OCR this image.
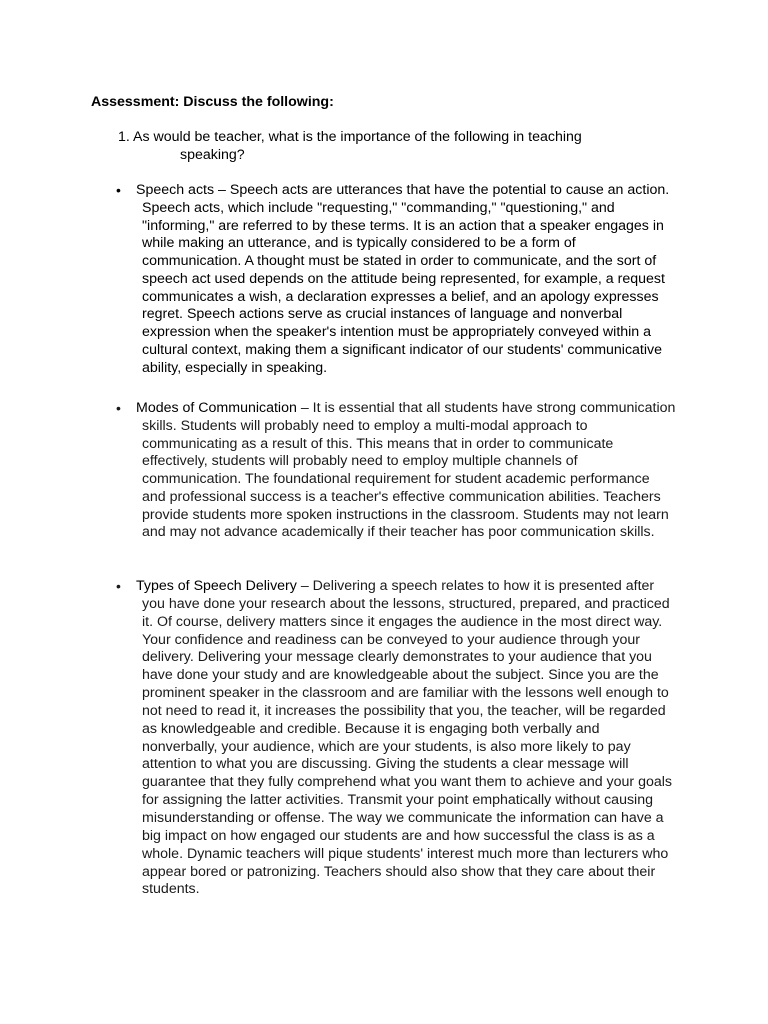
Assessment: Discuss the following:
1. As would be teacher, what is the importance of the following in teaching
speaking?
•	Speech acts – Speech acts are utterances that have the potential to cause an action. Speech acts, which include "requesting," "commanding," "questioning," and "informing," are referred to by these terms. It is an action that a speaker engages in while making an utterance, and is typically considered to be a form of communication. A thought must be stated in order to communicate, and the sort of speech act used depends on the attitude being represented, for example, a request communicates a wish, a declaration expresses a belief, and an apology expresses regret. Speech actions serve as crucial instances of language and nonverbal expression when the speaker's intention must be appropriately conveyed within a cultural context, making them a significant indicator of our students' communicative ability, especially in speaking.
•	Modes of Communication – It is essential that all students have strong communication skills. Students will probably need to employ a multi-modal approach to communicating as a result of this. This means that in order to communicate effectively, students will probably need to employ multiple channels of communication. The foundational requirement for student academic performance and professional success is a teacher's effective communication abilities. Teachers provide students more spoken instructions in the classroom. Students may not learn and may not advance academically if their teacher has poor communication skills.
•	Types of Speech Delivery – Delivering a speech relates to how it is presented after you have done your research about the lessons, structured, prepared, and practiced it. Of course, delivery matters since it engages the audience in the most direct way. Your confidence and readiness can be conveyed to your audience through your delivery. Delivering your message clearly demonstrates to your audience that you have done your study and are knowledgeable about the subject. Since you are the prominent speaker in the classroom and are familiar with the lessons well enough to not need to read it, it increases the possibility that you, the teacher, will be regarded as knowledgeable and credible. Because it is engaging both verbally and nonverbally, your audience, which are your students, is also more likely to pay attention to what you are discussing. Giving the students a clear message will guarantee that they fully comprehend what you want them to achieve and your goals for assigning the latter activities. Transmit your point emphatically without causing misunderstanding or offense. The way we communicate the information can have a big impact on how engaged our students are and how successful the class is as a whole. Dynamic teachers will pique students' interest much more than lecturers who appear bored or patronizing. Teachers should also show that they care about their students.
